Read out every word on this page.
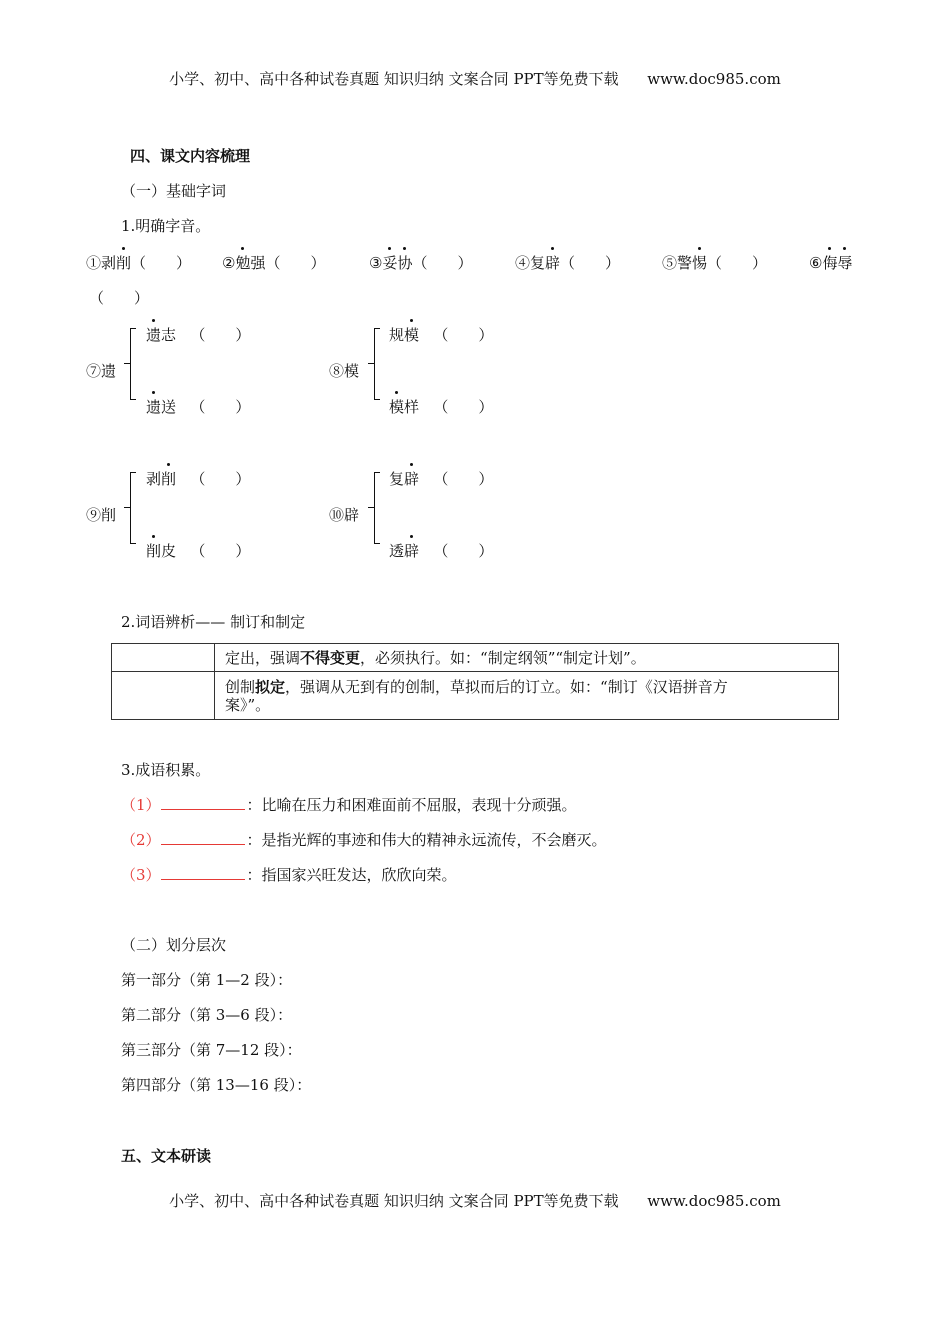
小学、初中、高中各种试卷真题 知识归纳 文案合同 PPT等免费下载 www.doc985.com
四、课文内容梳理
（一）基础字词
1.明确字音。
①剥削（　　） ②勉强（　　）	③妥协（　　）	④复辟（　　）	⑤警惕（　　）	⑥侮辱
（　　）
⑦遗
遗志 （　　）
遗送 （　　）
⑧模
规模 （　　）
模样 （　　）
⑨削
剥削 （　　）
削皮 （　　）
⑩辟
复辟 （　　）
透辟 （　　）
2.词语辨析—— 制订和制定
	定出，强调不得变更，必须执行。如：“制定纲领”“制定计划”。
	创制拟定，强调从无到有的创制，草拟而后的订立。如：“制订《汉语拼音方
案》”。
3.成语积累。
（1）	：比喻在压力和困难面前不屈服，表现十分顽强。
（2）	：是指光辉的事迹和伟大的精神永远流传，不会磨灭。
（3）	：指国家兴旺发达，欣欣向荣。
（二）划分层次
第一部分（第 1—2 段）：
第二部分（第 3—6 段）：
第三部分（第 7—12 段）：
第四部分（第 13—16 段）：
五、文本研读
小学、初中、高中各种试卷真题 知识归纳 文案合同 PPT等免费下载 www.doc985.com
